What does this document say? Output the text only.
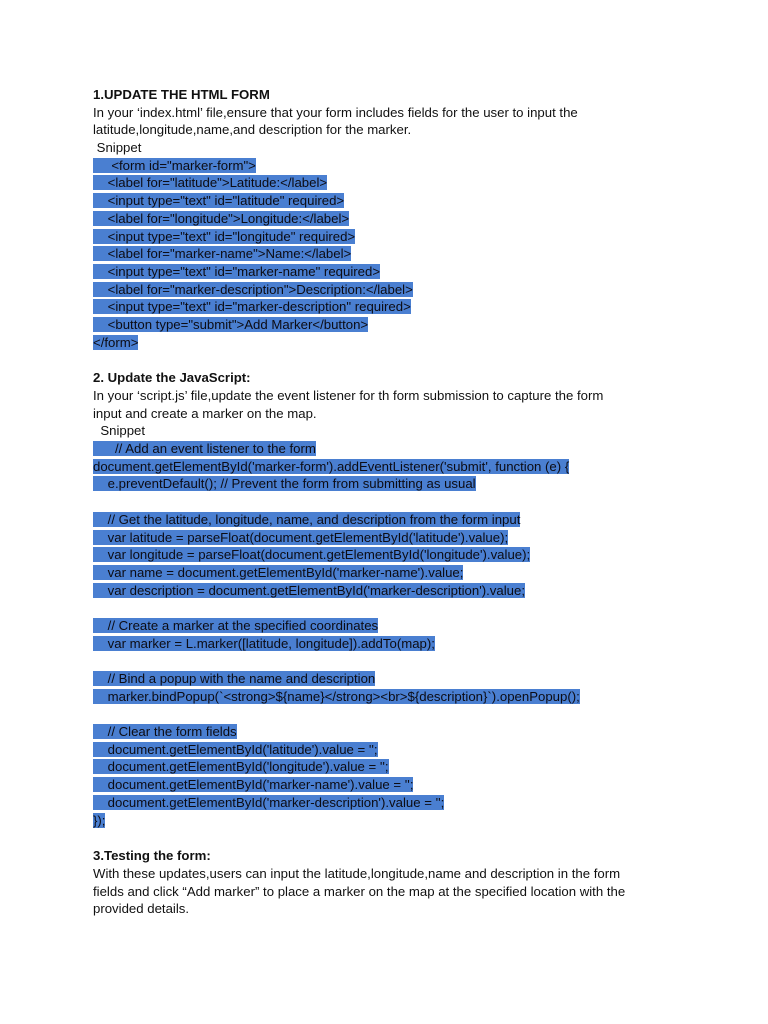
1.UPDATE THE HTML FORM
In your ‘index.html’ file,ensure that your form includes fields for the user to input the
latitude,longitude,name,and description for the marker.
Snippet
<form id="marker-form">
<label for="latitude">Latitude:</label>
<input type="text" id="latitude" required>
<label for="longitude">Longitude:</label>
<input type="text" id="longitude" required>
<label for="marker-name">Name:</label>
<input type="text" id="marker-name" required>
<label for="marker-description">Description:</label>
<input type="text" id="marker-description" required>
<button type="submit">Add Marker</button>
</form>
2. Update the JavaScript:
In your ‘script.js’ file,update the event listener for th form submission to capture the form
input and create a marker on the map.
Snippet
// Add an event listener to the form
document.getElementById('marker-form').addEventListener('submit', function (e) {
e.preventDefault(); // Prevent the form from submitting as usual
// Get the latitude, longitude, name, and description from the form input
var latitude = parseFloat(document.getElementById('latitude').value);
var longitude = parseFloat(document.getElementById('longitude').value);
var name = document.getElementById('marker-name').value;
var description = document.getElementById('marker-description').value;
// Create a marker at the specified coordinates
var marker = L.marker([latitude, longitude]).addTo(map);
// Bind a popup with the name and description
marker.bindPopup(`<strong>${name}</strong><br>${description}`).openPopup();
// Clear the form fields
document.getElementById('latitude').value = '';
document.getElementById('longitude').value = '';
document.getElementById('marker-name').value = '';
document.getElementById('marker-description').value = '';
});
3.Testing the form:
With these updates,users can input the latitude,longitude,name and description in the form
fields and click “Add marker” to place a marker on the map at the specified location with the
provided details.
